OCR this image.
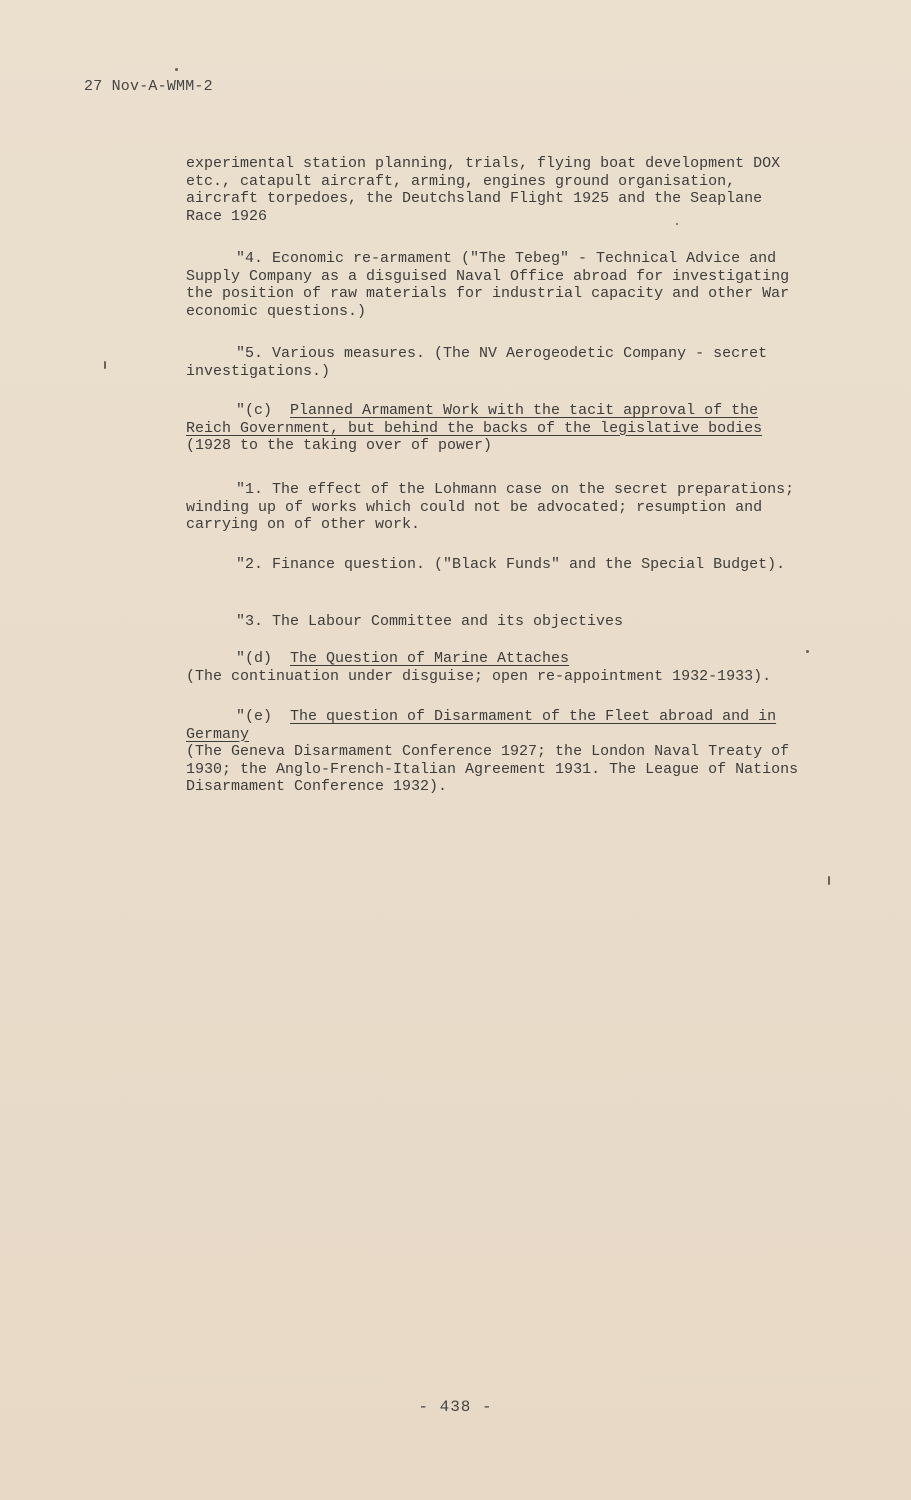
27 Nov-A-WMM-2

experimental station planning, trials, flying boat development DOX etc., catapult aircraft, arming, engines ground organisation, aircraft torpedoes, the Deutchsland Flight 1925 and the Seaplane Race 1926

"4. Economic re-armament ("The Tebeg" - Technical Advice and Supply Company as a disguised Naval Office abroad for investigating the position of raw materials for industrial capacity and other War economic questions.)

"5. Various measures. (The NV Aerogeodetic Company - secret investigations.)

"(c)  Planned Armament Work with the tacit approval of the Reich Government, but behind the backs of the legislative bodies (1928 to the taking over of power)

"1. The effect of the Lohmann case on the secret preparations; winding up of works which could not be advocated; resumption and carrying on of other work.

"2. Finance question. ("Black Funds" and the Special Budget).

"3. The Labour Committee and its objectives

"(d)  The Question of Marine Attaches
(The continuation under disguise; open re-appointment 1932-1933).
"(e)  The question of Disarmament of the Fleet abroad and in Germany
(The Geneva Disarmament Conference 1927; the London Naval Treaty of 1930; the Anglo-French-Italian Agreement 1931. The League of Nations Disarmament Conference 1932).
- 438 -
